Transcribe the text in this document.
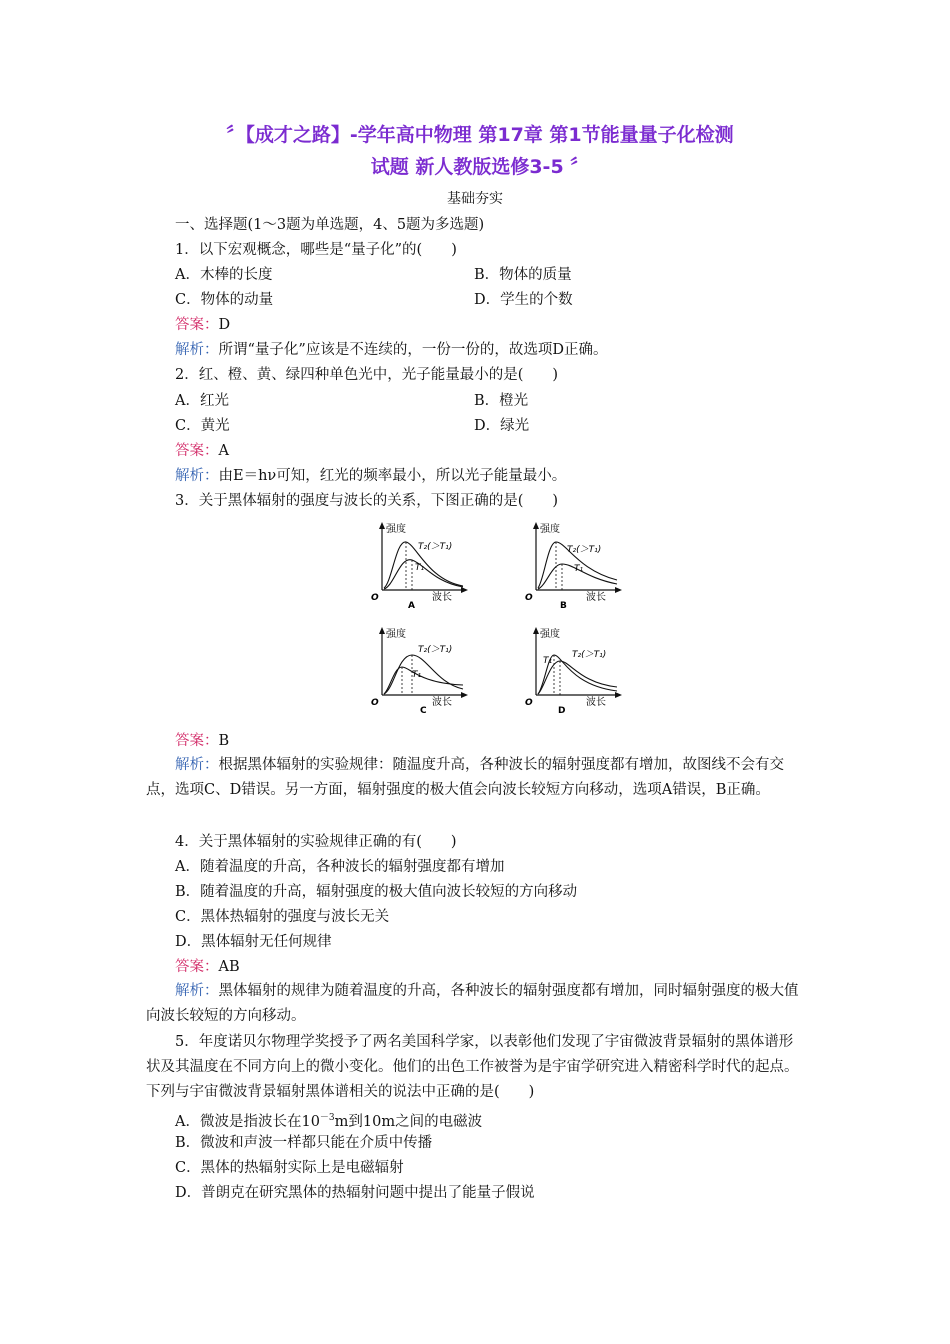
〞【成才之路】-学年高中物理 第17章 第1节能量量子化检测
试题 新人教版选修3-5 〞
基础夯实
一、选择题(1～3题为单选题，4、5题为多选题)
1．以下宏观概念，哪些是“量子化”的(　　)
A．木棒的长度	B．物体的质量
C．物体的动量	D．学生的个数
答案：D
解析：所谓“量子化”应该是不连续的，一份一份的，故选项D正确。
2．红、橙、黄、绿四种单色光中，光子能量最小的是(　　)
A．红光	B．橙光
C．黄光	D．绿光
答案：A
解析：由E＝hν可知，红光的频率最小，所以光子能量最小。
3．关于黑体辐射的强度与波长的关系，下图正确的是(　　)
强度
O	波长
T₂(＞T₁)
T₁
A
强度
O	波长
T₂(＞T₁)
T₁
B
强度
O	波长
T₂(＞T₁)
T₁
C
强度
O	波长
T₂(＞T₁)
T₁
D
答案：B
解析：根据黑体辐射的实验规律：随温度升高，各种波长的辐射强度都有增加，故图线不会有交点，选项C、D错误。另一方面，辐射强度的极大值会向波长较短方向移动，选项A错误，B正确。
4．关于黑体辐射的实验规律正确的有(　　)
A．随着温度的升高，各种波长的辐射强度都有增加
B．随着温度的升高，辐射强度的极大值向波长较短的方向移动
C．黑体热辐射的强度与波长无关
D．黑体辐射无任何规律
答案：AB
解析：黑体辐射的规律为随着温度的升高，各种波长的辐射强度都有增加，同时辐射强度的极大值向波长较短的方向移动。
5．年度诺贝尔物理学奖授予了两名美国科学家，以表彰他们发现了宇宙微波背景辐射的黑体谱形状及其温度在不同方向上的微小变化。他们的出色工作被誉为是宇宙学研究进入精密科学时代的起点。下列与宇宙微波背景辐射黑体谱相关的说法中正确的是(　　)
A．微波是指波长在$10^{-3}m$到10m之间的电磁波
B．微波和声波一样都只能在介质中传播
C．黑体的热辐射实际上是电磁辐射
D．普朗克在研究黑体的热辐射问题中提出了能量子假说
